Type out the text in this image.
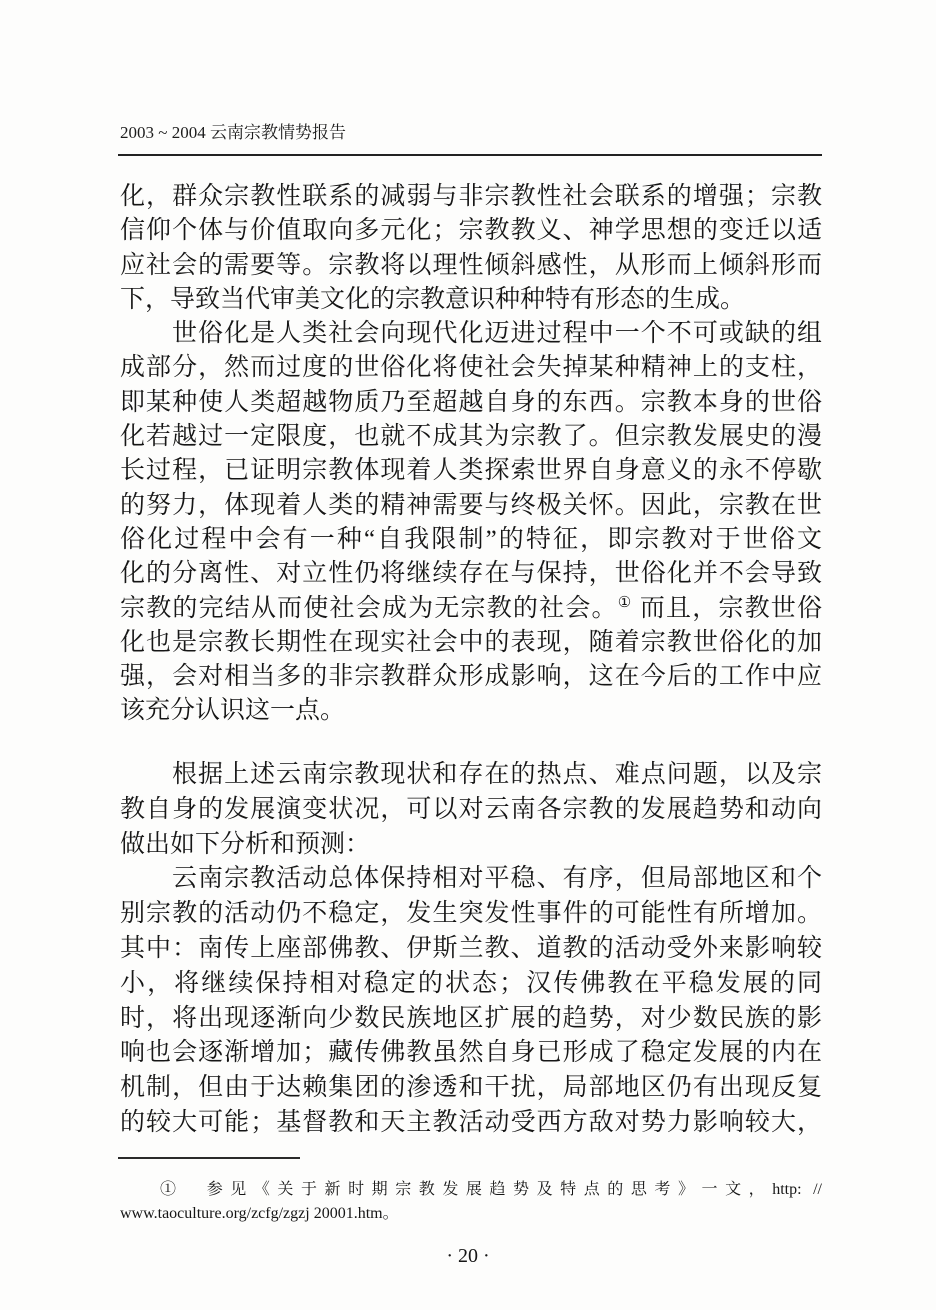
2003 ~ 2004 云南宗教情势报告
化，群众宗教性联系的减弱与非宗教性社会联系的增强；宗教
信仰个体与价值取向多元化；宗教教义、神学思想的变迁以适
应社会的需要等。宗教将以理性倾斜感性，从形而上倾斜形而
下，导致当代审美文化的宗教意识种种特有形态的生成。
世俗化是人类社会向现代化迈进过程中一个不可或缺的组
成部分，然而过度的世俗化将使社会失掉某种精神上的支柱，
即某种使人类超越物质乃至超越自身的东西。宗教本身的世俗
化若越过一定限度，也就不成其为宗教了。但宗教发展史的漫
长过程，已证明宗教体现着人类探索世界自身意义的永不停歇
的努力，体现着人类的精神需要与终极关怀。因此，宗教在世
俗化过程中会有一种“自我限制”的特征，即宗教对于世俗文
化的分离性、对立性仍将继续存在与保持，世俗化并不会导致
宗教的完结从而使社会成为无宗教的社会。① 而且，宗教世俗
化也是宗教长期性在现实社会中的表现，随着宗教世俗化的加
强，会对相当多的非宗教群众形成影响，这在今后的工作中应
该充分认识这一点。
根据上述云南宗教现状和存在的热点、难点问题，以及宗
教自身的发展演变状况，可以对云南各宗教的发展趋势和动向
做出如下分析和预测：
云南宗教活动总体保持相对平稳、有序，但局部地区和个
别宗教的活动仍不稳定，发生突发性事件的可能性有所增加。
其中：南传上座部佛教、伊斯兰教、道教的活动受外来影响较
小，将继续保持相对稳定的状态；汉传佛教在平稳发展的同
时，将出现逐渐向少数民族地区扩展的趋势，对少数民族的影
响也会逐渐增加；藏传佛教虽然自身已形成了稳定发展的内在
机制，但由于达赖集团的渗透和干扰，局部地区仍有出现反复
的较大可能；基督教和天主教活动受西方敌对势力影响较大，
① 参见《关于新时期宗教发展趋势及特点的思考》一文，http: //
www.taoculture.org/zcfg/zgzj 20001.htm。
· 20 ·
